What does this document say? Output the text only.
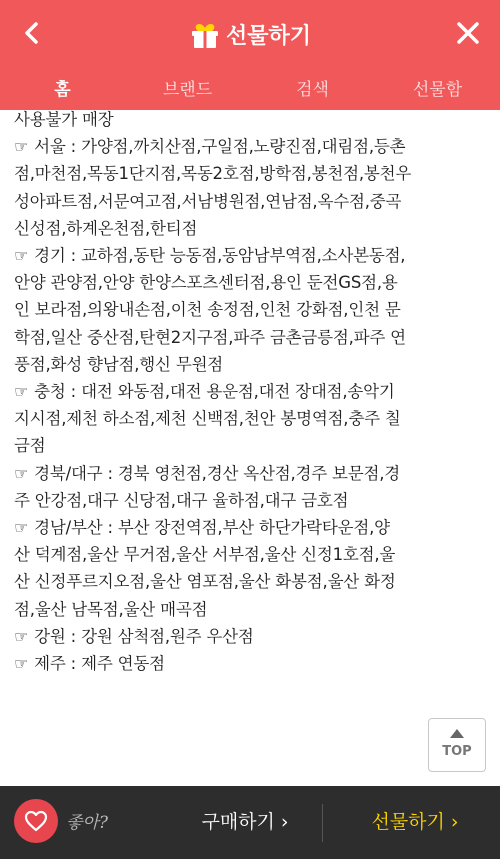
선물하기
홈	브랜드	검색	선물함
사용불가 매장
☞ 서울 : 가양점,까치산점,구일점,노량진점,대림점,등촌
점,마천점,목동1단지점,목동2호점,방학점,봉천점,봉천우
성아파트점,서문여고점,서남병원점,연남점,옥수점,중곡
신성점,하계온천점,한티점
☞ 경기 : 교하점,동탄 능동점,동암남부역점,소사본동점,
안양 관양점,안양 한양스포츠센터점,용인 둔전GS점,용
인 보라점,의왕내손점,이천 송정점,인천 강화점,인천 문
학점,일산 중산점,탄현2지구점,파주 금촌금릉점,파주 연
풍점,화성 향남점,행신 무원점
☞ 충청 : 대전 와동점,대전 용운점,대전 장대점,송악기
지시점,제천 하소점,제천 신백점,천안 봉명역점,충주 칠
금점
☞ 경북/대구 : 경북 영천점,경산 옥산점,경주 보문점,경
주 안강점,대구 신당점,대구 율하점,대구 금호점
☞ 경남/부산 : 부산 장전역점,부산 하단가락타운점,양
산 덕계점,울산 무거점,울산 서부점,울산 신정1호점,울
산 신정푸르지오점,울산 염포점,울산 화봉점,울산 화정
점,울산 남목점,울산 매곡점
☞ 강원 : 강원 삼척점,원주 우산점
☞ 제주 : 제주 연동점
TOP
좋아?	구매하기 ›	선물하기 ›
